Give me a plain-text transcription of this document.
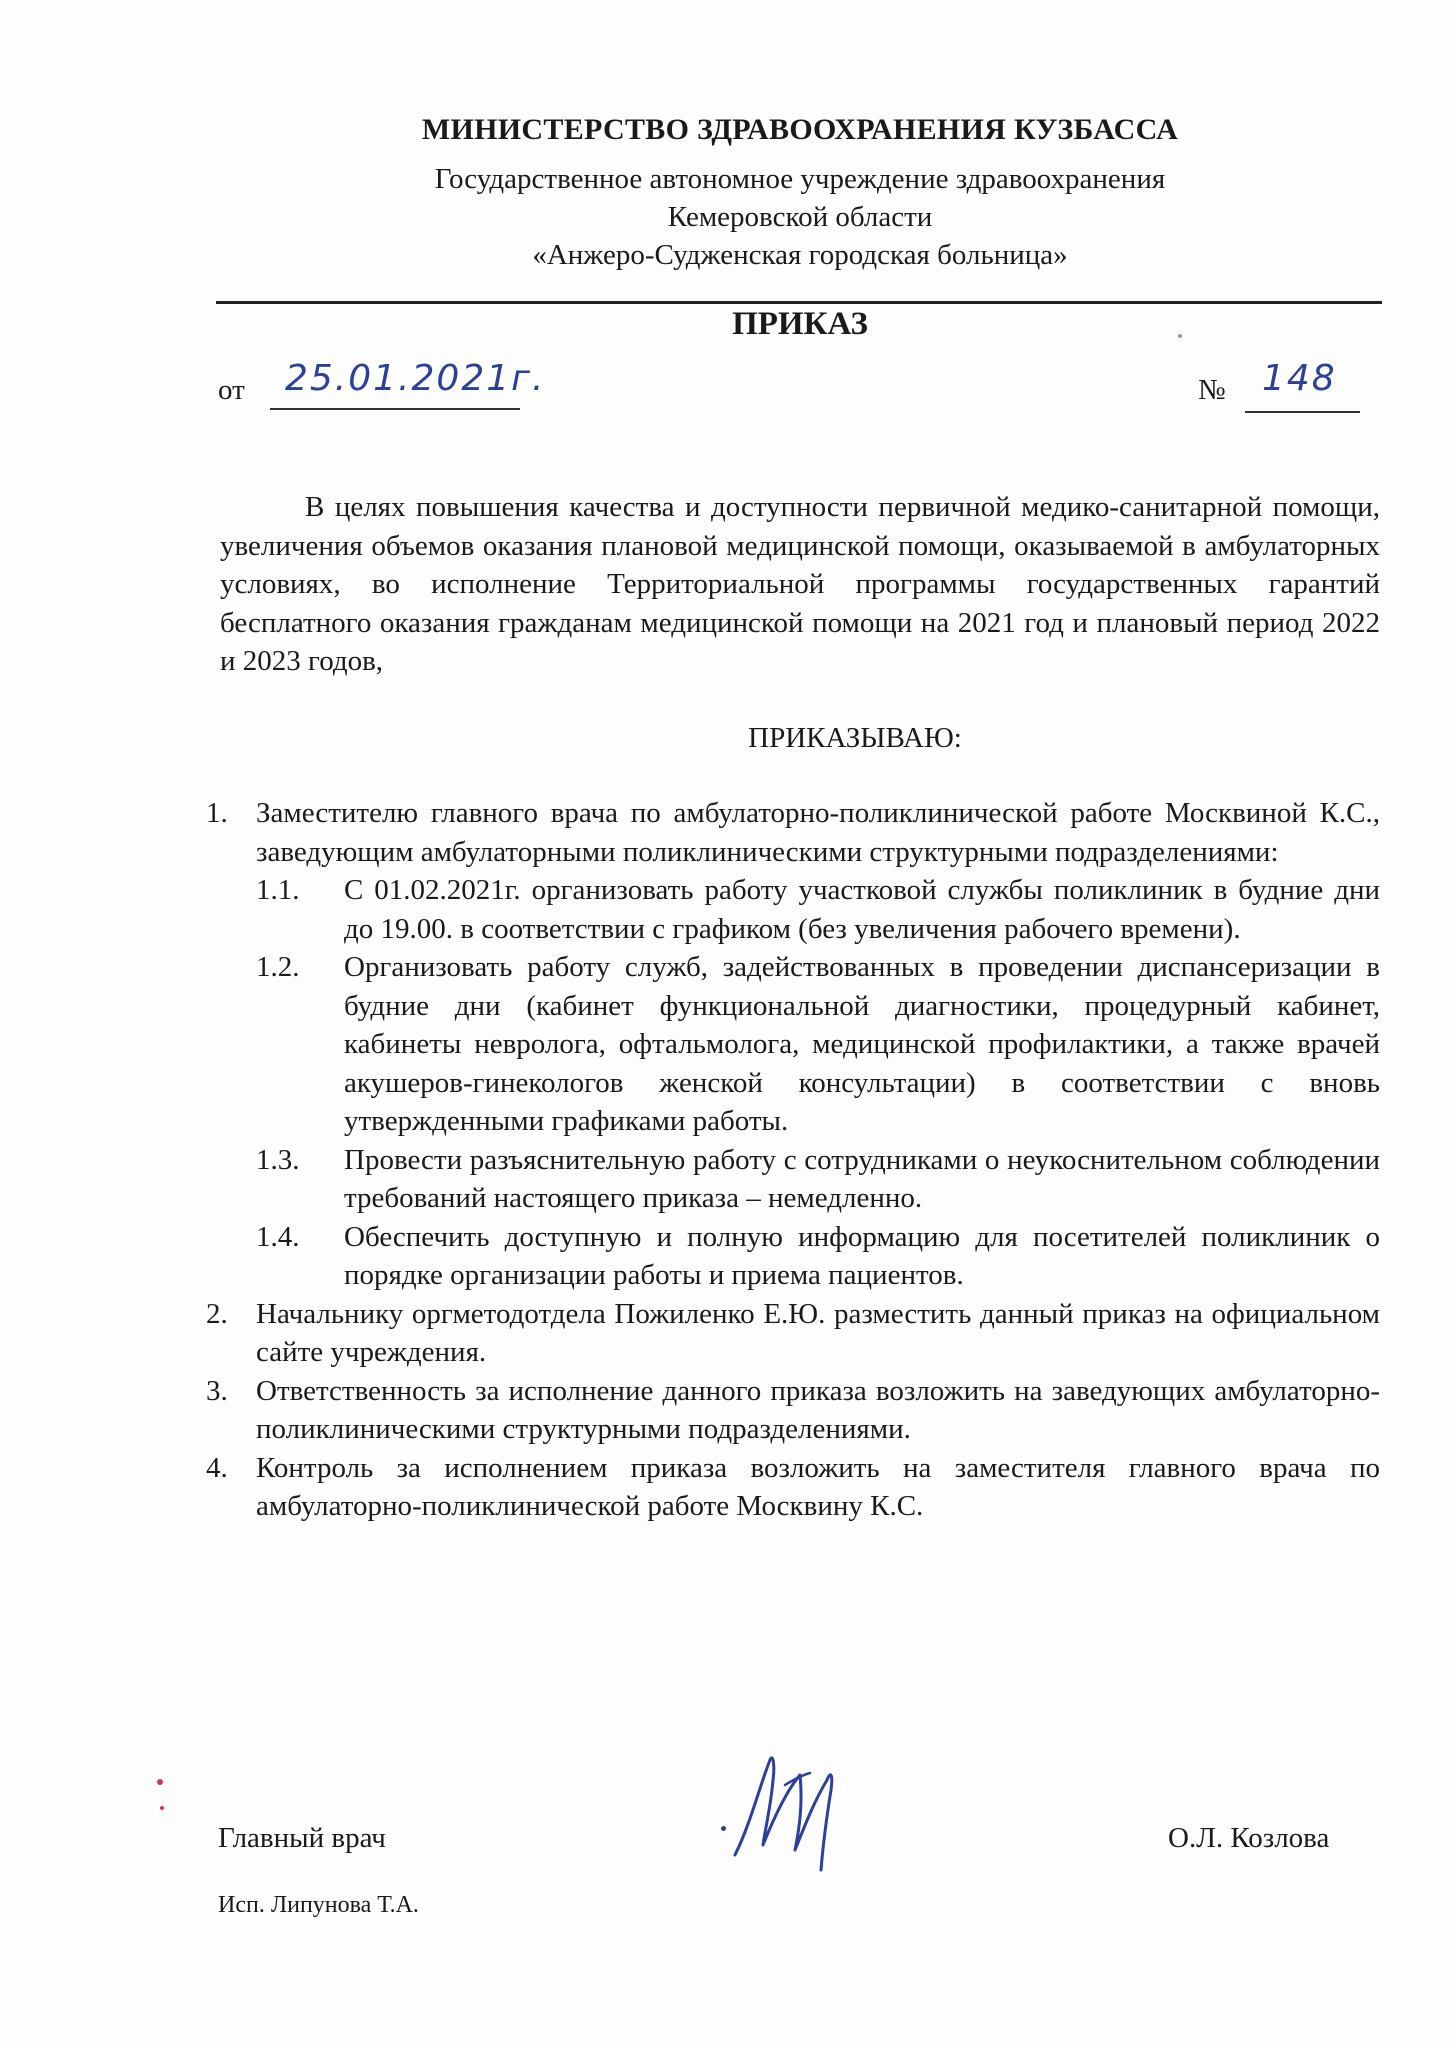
МИНИСТЕРСТВО ЗДРАВООХРАНЕНИЯ КУЗБАССА
Государственное автономное учреждение здравоохранения
Кемеровской области
«Анжеро-Судженская городская больница»
ПРИКАЗ
от 25.01.2021г.	№ 148

В целях повышения качества и доступности первичной медико-санитарной помощи, увеличения объемов оказания плановой медицинской помощи, оказываемой в амбулаторных условиях, во исполнение Территориальной программы государственных гарантий бесплатного оказания гражданам медицинской помощи на 2021 год и плановый период 2022 и 2023 годов,

ПРИКАЗЫВАЮ:
1. Заместителю главного врача по амбулаторно-поликлинической работе Москвиной К.С., заведующим амбулаторными поликлиническими структурными подразделениями:
1.1. С 01.02.2021г. организовать работу участковой службы поликлиник в будние дни до 19.00. в соответствии с графиком (без увеличения рабочего времени).
1.2. Организовать работу служб, задействованных в проведении диспансеризации в будние дни (кабинет функциональной диагностики, процедурный кабинет, кабинеты невролога, офтальмолога, медицинской профилактики, а также врачей акушеров-гинекологов женской консультации) в соответствии с вновь утвержденными графиками работы.
1.3. Провести разъяснительную работу с сотрудниками о неукоснительном соблюдении требований настоящего приказа – немедленно.
1.4. Обеспечить доступную и полную информацию для посетителей поликлиник о порядке организации работы и приема пациентов.
2. Начальнику оргметодотдела Пожиленко Е.Ю. разместить данный приказ на официальном сайте учреждения.
3. Ответственность за исполнение данного приказа возложить на заведующих амбулаторно-поликлиническими структурными подразделениями.
4. Контроль за исполнением приказа возложить на заместителя главного врача по амбулаторно-поликлинической работе Москвину К.С.
Главный врач	О.Л. Козлова
Исп. Липунова Т.А.
